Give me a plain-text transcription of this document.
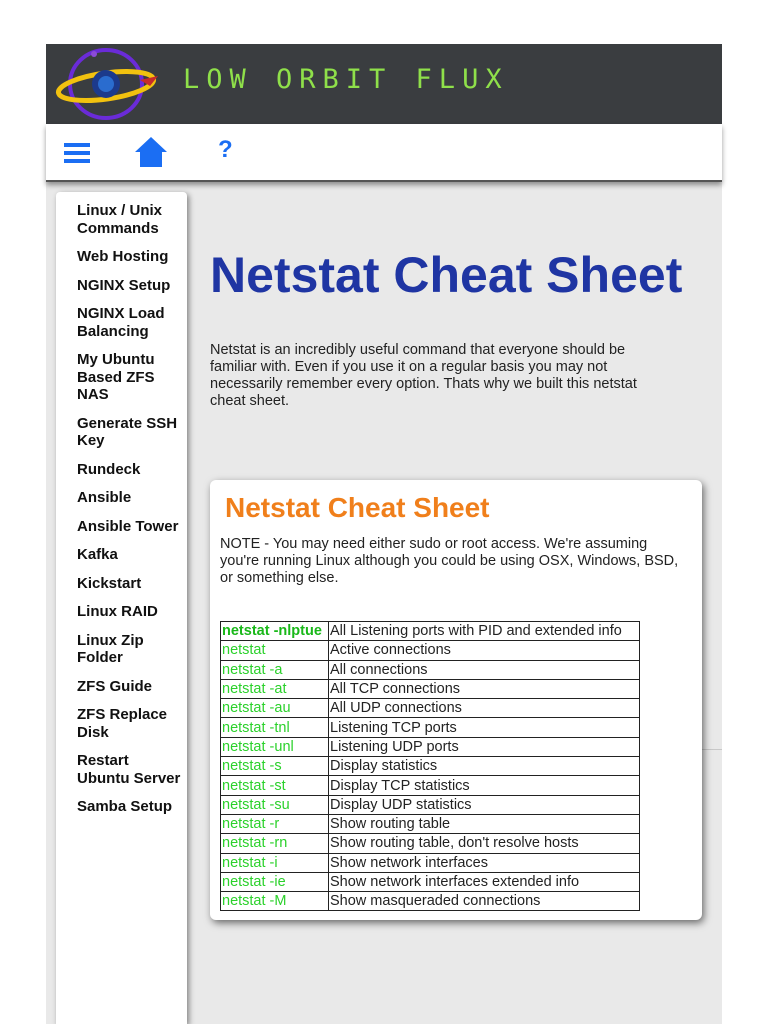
LOW ORBIT FLUX
?
Linux / Unix Commands
Web Hosting
NGINX Setup
NGINX Load Balancing
My Ubuntu Based ZFS NAS
Generate SSH Key
Rundeck
Ansible
Ansible Tower
Kafka
Kickstart
Linux RAID
Linux Zip Folder
ZFS Guide
ZFS Replace Disk
Restart Ubuntu Server
Samba Setup
Netstat Cheat Sheet

Netstat is an incredibly useful command that everyone should be familiar with. Even if you use it on a regular basis you may not necessarily remember every option. Thats why we built this netstat cheat sheet.

Netstat Cheat Sheet
NOTE - You may need either sudo or root access. We're assuming you're running Linux although you could be using OSX, Windows, BSD, or something else.
netstat -nlptue	All Listening ports with PID and extended info
netstat	Active connections
netstat -a	All connections
netstat -at	All TCP connections
netstat -au	All UDP connections
netstat -tnl	Listening TCP ports
netstat -unl	Listening UDP ports
netstat -s	Display statistics
netstat -st	Display TCP statistics
netstat -su	Display UDP statistics
netstat -r	Show routing table
netstat -rn	Show routing table, don't resolve hosts
netstat -i	Show network interfaces
netstat -ie	Show network interfaces extended info
netstat -M	Show masqueraded connections
